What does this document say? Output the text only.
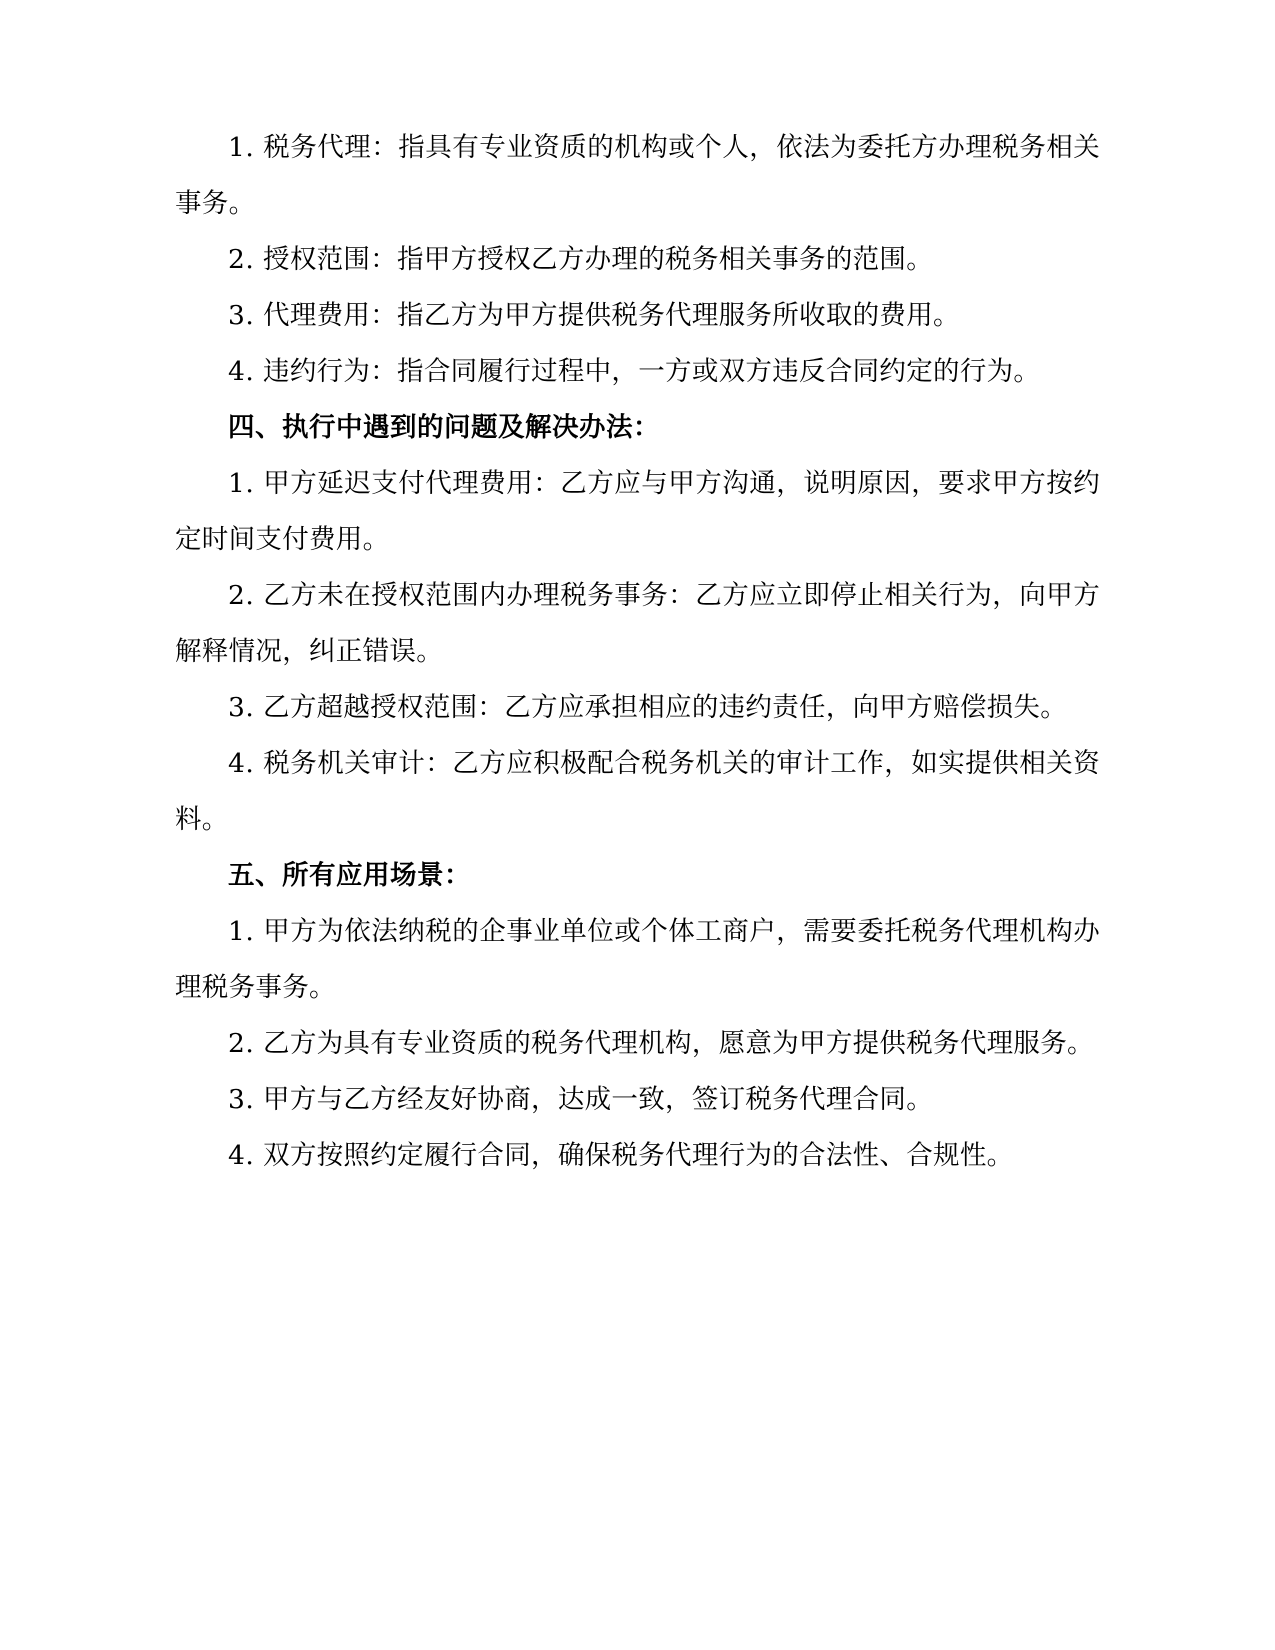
1. 税务代理：指具有专业资质的机构或个人，依法为委托方办理税务相关事务。

2. 授权范围：指甲方授权乙方办理的税务相关事务的范围。

3. 代理费用：指乙方为甲方提供税务代理服务所收取的费用。

4. 违约行为：指合同履行过程中，一方或双方违反合同约定的行为。

四、执行中遇到的问题及解决办法：

1. 甲方延迟支付代理费用：乙方应与甲方沟通，说明原因，要求甲方按约定时间支付费用。

2. 乙方未在授权范围内办理税务事务：乙方应立即停止相关行为，向甲方解释情况，纠正错误。

3. 乙方超越授权范围：乙方应承担相应的违约责任，向甲方赔偿损失。

4. 税务机关审计：乙方应积极配合税务机关的审计工作，如实提供相关资料。

五、所有应用场景：

1. 甲方为依法纳税的企事业单位或个体工商户，需要委托税务代理机构办理税务事务。

2. 乙方为具有专业资质的税务代理机构，愿意为甲方提供税务代理服务。

3. 甲方与乙方经友好协商，达成一致，签订税务代理合同。

4. 双方按照约定履行合同，确保税务代理行为的合法性、合规性。
